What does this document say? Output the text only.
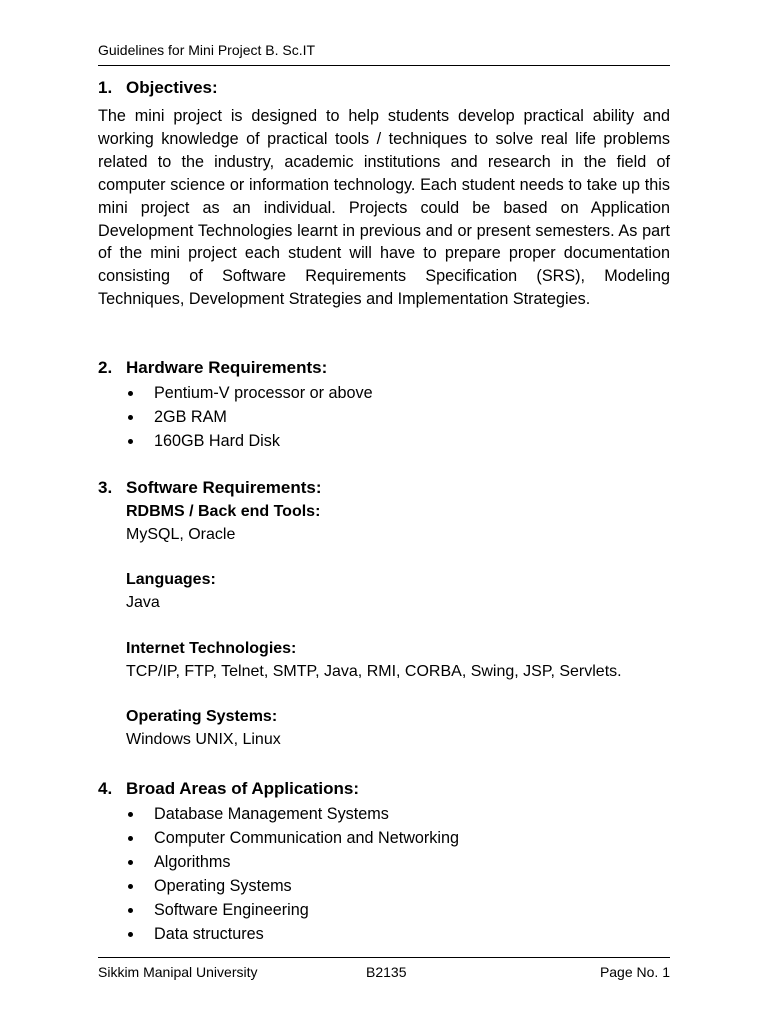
Guidelines for Mini Project B. Sc.IT
1. Objectives:
The mini project is designed to help students develop practical ability and working knowledge of practical tools / techniques to solve real life problems related to the industry, academic institutions and research in the field of computer science or information technology. Each student needs to take up this mini project as an individual. Projects could be based on Application Development Technologies learnt in previous and or present semesters. As part of the mini project each student will have to prepare proper documentation consisting of Software Requirements Specification (SRS), Modeling Techniques, Development Strategies and Implementation Strategies.
2. Hardware Requirements:
Pentium-V processor or above
2GB RAM
160GB Hard Disk
3. Software Requirements:
RDBMS / Back end Tools:
MySQL, Oracle
Languages:
Java
Internet Technologies:
TCP/IP, FTP, Telnet, SMTP, Java, RMI, CORBA, Swing, JSP, Servlets.
Operating Systems:
Windows UNIX, Linux
4. Broad Areas of Applications:
Database Management Systems
Computer Communication and Networking
Algorithms
Operating Systems
Software Engineering
Data structures
Sikkim Manipal University	B2135	Page No. 1
